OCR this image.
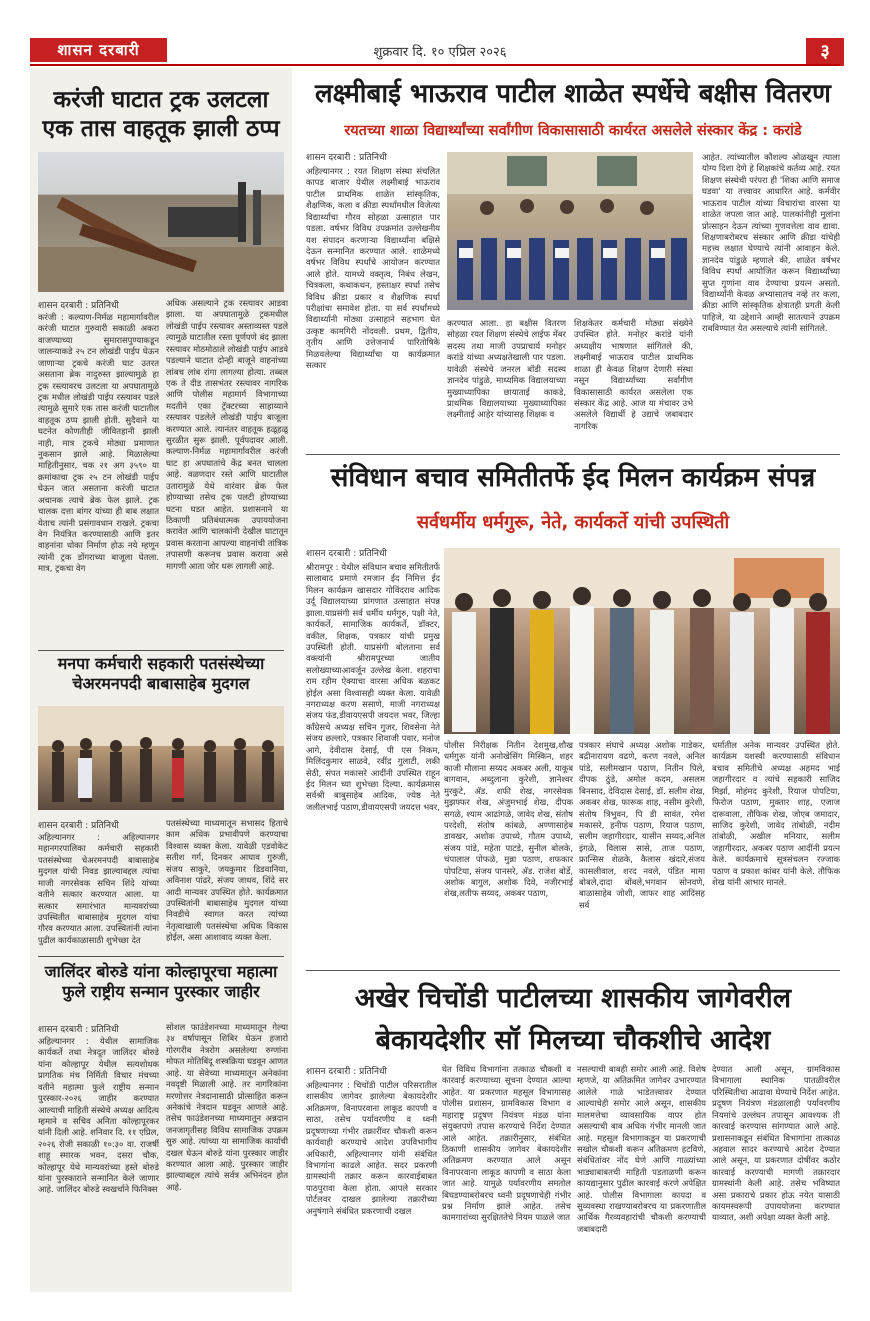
शासन दरबारी	शुक्रवार दि. १० एप्रिल २०२६	३
करंजी घाटात ट्रक उलटला
एक तास वाहतूक झाली ठप्प
शासन दरबारी : प्रतिनिधी
करंजी : कल्याण-निर्मळ महामार्गावरील करंजी घाटात गुरुवारी सकाळी अकरा वाजण्याच्या सुमारासपुण्याकडून जालन्याकडे २५ टन लोखंडी पाईप घेऊन जाणाऱ्या ट्रकचे करंजी घाट उतरत असताना ब्रेक नादुरुस्त झाल्यामुळे हा ट्रक रस्त्यावरच उलटला या अपघातामुळे ट्रक मधील लोखंडी पाईप रस्त्यावर पडले त्यामुळे सुमारे एक तास करंजी घाटातील वाहतूक ठप्प झाली होती. सुदैवाने या घटनेत कोणतीही जीवितहानी झाली नाही, मात्र ट्रकचे मोठ्या प्रमाणात नुकसान झाले आहे. मिळालेल्या माहितीनुसार, चक २१ अग ३५९० या क्रमांकाचा ट्रक २५ टन लोखंडी पाईप घेऊन जात असताना करंजी घाटात अचानक त्याचे ब्रेक फेल झाले. ट्रक चालक दत्ता बांगर यांच्या ही बाब लक्षात येताच त्यांनी प्रसंगावधान राखले. ट्रकचा वेग नियंत्रित करण्यासाठी आणि इतर वाहनांना धोका निर्माण होऊ नये म्हणून त्यांनी ट्रक डोंगराच्या बाजूला घेतला. मात्र, ट्रकचा वेग
अधिक असल्याने ट्रक रस्त्यावर आडवा झाला. या अपघातामुळे ट्रकमधील लोखंडी पाईप रस्त्यावर अस्ताव्यस्त पडले त्यामुळे घाटातील रस्ता पूर्णपणे बंद झाला रस्त्यावर मोठमोठाले लोखंडी पाईप आडवे पडल्याने घाटात दोन्ही बाजूने वाहनांच्या लांबच लांब रांगा लागल्या होत्या. तब्बल एक ते दीड तासभंतर रस्त्यावर नागरिक आणि पोलीस महामार्ग विभागाच्या मदतीने एका ट्रॅक्टरच्या साहाय्याने रस्त्यावर पडलेले लोखंडी पाईप बाजूला करण्यात आले. त्यानंतर वाहतूक हळूहळू सुरळीत सुरू झाली. पूर्वपदावर आली. कल्याण-निर्मळ महामार्गावरील करंजी घाट हा अपघातांचे केंद्र बनत चालला आहे. वळणदार रस्ते आणि घाटातील उतारामुळे येथे वारंवार ब्रेक फेल होण्याच्या तसेच ट्रक पलटी होण्याच्या घटना घडत आहेत. प्रशासनाने या ठिकाणी प्रतिबंधात्मक उपाययोजना करावेत आणि चालकांनी देखील घाटातून प्रवास करताना आपल्या वाहनांची तांत्रिक तपासणी करूनच प्रवास करावा असे मागणी आता जोर धरू लागली आहे.
मनपा कर्मचारी सहकारी पतसंस्थेच्या
चेअरमनपदी बाबासाहेब मुदगल
शासन दरबारी : प्रतिनिधी
अहिल्यानगर : अहिल्यानगर महानगरपालिका कर्मचारी सहकारी पतसंस्थेच्या चेअरमनपदी बाबासाहेब मुदगल यांची निवड झाल्याबद्दल त्यांचा माजी नगरसेवक सचिन शिंदे यांच्या वतीने सत्कार करण्यात आला. या सत्कार समारंभात मान्यवरांच्या उपस्थितीत बाबासाहेब मुदगल यांचा गौरव करण्यात आला. उपस्थितांनी त्यांना पुढील कार्यकाळासाठी शुभेच्छा देत
पतसंस्थेच्या माध्यमातून सभासद हिताचे काम अधिक प्रभावीपणे करण्याचा विश्वास व्यक्त केला. यावेळी एडवोकेट सतीश गर्ग, दिनकर आघाव गुरुजी, संजय साकुरे, जयकुमार डिडवानिया, अविनाश पांढरे, संजय जाधव, शिंदे सर आदी मान्यवर उपस्थित होते. कार्यक्रमात उपस्थितांनी बाबासाहेब मुदगल यांच्या निवडीचे स्वागत करत त्यांच्या नेतृत्वाखाली पतसंस्थेचा अधिक विकास होईल, असा आशावाद व्यक्त केला.
जालिंदर बोरुडे यांना कोल्हापूरचा महात्मा
फुले राष्ट्रीय सन्मान पुरस्कार जाहीर
शासन दरबारी : प्रतिनिधी
अहिल्यानगर : येथील सामाजिक कार्यकर्ते तथा नेत्रदूत जालिंदर बोरुडे यांना कोल्हापूर येथील सत्यशोधक प्रागतिक मंच निर्मिती विचार मंचच्या वतीने महात्मा फुले राष्ट्रीय सन्मान पुरस्कार-२०२६ जाहीर करण्यात आल्याची माहिती संस्थेचे अध्यक्ष आदित्य म्हमाने व सचिव अनिता कोल्हापूरकर यांनी दिली आहे. शनिवार दि. ११ एप्रिल, २०२६ रोजी सकाळी १०:३० वा. राजर्षी शाहू स्मारक भवन, दसरा चौक, कोल्हापूर येथे मान्यवरांच्या हस्ते बोरुडे यांना पुरस्काराने सन्मानित केले जाणार आहे. जालिंदर बोरुडे स्वखर्चाने फिनिक्स
सोशल फाउंडेशनच्या माध्यमातून गेल्या ३४ वर्षापासून शिबिर घेऊन हजारो गोरगरीब नेत्ररोग असलेल्या रुग्णांना मोफत मोतिबिंदू शस्त्रक्रिया घडवून आणत आहे. या सेवेच्या माध्यमातून अनेकांना नवदृष्टी मिळाली आहे. तर नागरिकांना मरणोत्तर नेत्रदानासाठी प्रोत्साहित करून अनेकांचे नेत्रदान घडवून आणले आहे. तसेच फाउंडेशनच्या माध्यमातून अन्नदान जनजागृतीसह विविध सामाजिक उपक्रम सुरु आहे. त्यांच्या या सामाजिक कार्याची दखल घेऊन बोरुडे यांना पुरस्कार जाहीर करण्यात आला आहे. पुरस्कार जाहीर झाल्याबद्दल त्यांचे सर्वत्र अभिनंदन होत आहे.
लक्ष्मीबाई भाऊराव पाटील शाळेत स्पर्धेचे बक्षीस वितरण
रयतच्या शाळा विद्यार्थ्यांच्या सर्वांगीण विकासासाठी कार्यरत असलेले संस्कार केंद्र : करांडे
शासन दरबारी : प्रतिनिधी
अहिल्यानगर : रयत शिक्षण संस्था संचलित कापड बाजार येथील लक्ष्मीबाई भाऊराव पाटील प्राथमिक शाळेत सांस्कृतिक, शैक्षणिक, कला व क्रीडा स्पर्धांमधील विजेत्या विद्यार्थ्यांचा गौरव सोहळा उत्साहात पार पडला. वर्षभर विविध उपक्रमांत उल्लेखनीय यश संपादन करणाऱ्या विद्यार्थ्यांना बक्षिसे देऊन सन्मानित करण्यात आले. शाळेमध्ये वर्षभर विविध स्पर्धांचे आयोजन करण्यात आले होते. यामध्ये वक्तृत्व, निबंध लेखन, चित्रकला, कथाकथन, हस्ताक्षर स्पर्धा तसेच विविध क्रीडा प्रकार व शैक्षणिक स्पर्धा परीक्षांचा समावेश होता. या सर्व स्पर्धांमध्ये विद्यार्थ्यांनी मोठ्या उत्साहाने सहभाग घेत उत्कृष्ट कामगिरी नोंदवली. प्रथम, द्वितीय, तृतीय आणि उत्तेजनार्थ पारितोषिके मिळवलेल्या विद्यार्थ्यांचा या कार्यक्रमात सत्कार
करण्यात आला. हा बक्षीस वितरण सोहळा रयत शिक्षण संस्थेचे लाईफ मेंबर सदस्य तथा माजी उपप्राचार्य मनोहर करांडे यांच्या अध्यक्षतेखाली पार पडला. यावेळी संस्थेचे जनरल बॉडी सदस्य ज्ञानदेव पांडुळे, माध्यमिक विद्यालयाच्या मुख्याध्यापिका छायाताई काकडे, प्राथमिक विद्यालयाच्या मुख्याध्यापिका लक्ष्मीताई आहेर यांच्यासह शिक्षक व
शिक्षकेतर कर्मचारी मोठ्या संख्येने उपस्थित होते. मनोहर करांडे यांनी अध्यक्षीय भाषणात सांगितले की, लक्ष्मीबाई भाऊराव पाटील प्राथमिक शाळा ही केवळ शिक्षण देणारी संस्था नसून विद्यार्थ्यांच्या सर्वांगीण विकासासाठी कार्यरत असलेला एक संस्कार केंद्र आहे. आज या मंचावर उभे असलेले विद्यार्थी हे उद्याचे जबाबदार नागरिक
आहेत. त्यांच्यातील कौशल्य ओळखून त्याला योग्य दिशा देणे हे शिक्षकांचे कर्तव्य आहे. रयत शिक्षण संस्थेची परंपरा ही 'शिका आणि समाज घडवा' या तत्त्वावर आधारित आहे. कर्मवीर भाऊराव पाटील यांच्या विचारांचा वारसा या शाळेत जपला जात आहे. पालकांनीही मुलांना प्रोत्साहन देऊन त्यांच्या गुणवत्तेला वाव द्यावा. शिक्षणाबरोबरच संस्कार आणि क्रीडा यांचेही महत्त्व लक्षात घेण्याचे त्यांनी आवाहन केले. ज्ञानदेव पांडुळे म्हणाले की, शाळेत वर्षभर विविध स्पर्धा आयोजित करून विद्यार्थ्यांच्या सुप्त गुणांना वाव देण्याचा प्रयत्न असतो. विद्यार्थ्यांनी केवळ अभ्यासातच नव्हे तर कला, क्रीडा आणि सांस्कृतिक क्षेत्रातही प्रगती केली पाहिजे, या उद्देशाने आम्ही सातत्याने उपक्रम राबविण्यात येत असल्याचे त्यांनी सांगितले.
संविधान बचाव समितीतर्फे ईद मिलन कार्यक्रम संपन्न
सर्वधर्मीय धर्मगुरू, नेते, कार्यकर्ते यांची उपस्थिती
शासन दरबारी : प्रतिनिधी
श्रीरामपूर : येथील संविधान बचाव समितीतर्फे सालाबाद प्रमाणे रमजान ईद निमित्त ईद मिलन कार्यक्रम खासदार गोविंदराव आदिक उर्दू विद्यालयाच्या प्रांगणात उत्साहात संपन्न झाला.याप्रसंगी सर्व धर्मीय धर्मगुरु, पक्षी नेते, कार्यकर्ते, सामाजिक कार्यकर्ते, डॉक्टर, वकील, शिक्षक, पत्रकार यांची प्रमुख उपस्थिती होती. याप्रसंगी बोलताना सर्व वक्त्यांनी श्रीरामपूरच्या जातीय सलोख्याच्याआवर्जून उल्लेख केला. शहराचा राम रहीम ऐक्याचा वारसा अधिक बळकट होईल असा विश्वासही व्यक्त केला. यावेळी नगराध्यक्ष करण ससाणे, माजी नगराध्यक्ष संजय फंड,डीवायएसपी जयदत्त भवर, जिल्हा काँग्रेसचे अध्यक्ष सचिन गुजर, शिवसेना नेते संजय छल्लारे, पत्रकार शिवाजी पवार, मनोज आगे, देवीदास देसाई, पी एस निकम, मिलिंदकुमार साळवे, रवींद्र गुलाटी, लकी सेठी, संपत मकासरे आदींनी उपस्थित राहून ईद मिलन च्या शुभेच्छा दिल्या. कार्यक्रमास सर्वश्री बाबुसाहेब आदिक, ज्येष्ठ नेते जलीलभाई पठाण,डीवायएसपी जयदत्त भवर,
पोलीस निरीक्षक नितीन देशमुख,शौख धर्मगुरू यांनी अनोखेसिंग मिस्किन, शहर काजी मौलाना सय्यद अकबर अली, याकूब बागवान, अब्दुलाना कुरेशी, ज्ञानेश्वर मुरकुटे, ॲड. शफी शेख, नगरसेवक मुझफ्फर शेख, अंजुमभाई शेख, दीपक सगळे, श्याम आढांगळे, जावेद शेख, संतोष परदेशी, संतोष कांबळे, अण्णासाहेब डावखर, अशोक उपाध्ये, गौतम उपाध्ये, संजय पांडे, महेता पाटडे, सुनील बोलके, चंपालाल पोफळे, मुन्ना पठाण, शफकार पोपटिया, संजय पानसरे, ॲड. राजेश बोर्डे, अशोक बागुल, अशोक दिवे, नजीरभाई शेख,लतीफ सय्यद, अकबर पठाण,
पत्रकार संघाचे अध्यक्ष अशोक गाडेकर, बद्रीनारायण वढणे, करण नवले, अनिल पांडे, सलीमखान पठाण, नितीन पिले, दीपक ठुंडे, अमोल कदम, असलम बिनसाद, देविदास देसाई, डॉ. सलीम शेख, अकबर शेख, फारूक शाह, नसीम कुरेशी, संतोष त्रिभुवन, पि डी सावंत, रमेश मकासरे, हनीफ पठाण, रियाज पठाण, सलीम जहागीरदार, यासीन सय्यद,अनिल इंगळे, विलास सासे, ताज पठाण, फ्रान्सिस शेळके, कैलास खंदारे,संजय कासलीवाल, शरद नवले, पंडित मामा बोबले,दादा बोंबले,भगवान सोनवणे, बाळासाहेब जोशी, जाफर शाह आदिंसह सर्व
धर्मातील अनेक मान्यवर उपस्थित होते. कार्यक्रम यशस्वी करण्यासाठी संविधान बचाव समितीचे अध्यक्ष अहमद भाई जहागीरदार व त्यांचे सहकारी साजिद मिर्झा, मोहंमद कुरेशी, रियाज पोपटिया, फिरोज पठाण, मुक्तार शाह, एजाज दारूवाला, तौफिक शेख, जोएब जमादार, साजिद कुरेशी, जावेद तांबोळी, नदीम तांबोळी, अखील मनियार, सलीम जहागीरदार, अकबर पठाण आदींनी प्रयत्न केले. कार्यक्रमाचे सूत्रसंचलन रज्जाक पठाण व प्रकाश कांबर यांनी केले. तौफिक शेख यांनी आभार मानले.
अखेर चिचोंडी पाटीलच्या शासकीय जागेवरील
बेकायदेशीर सॉ मिलच्या चौकशीचे आदेश
शासन दरबारी : प्रतिनिधी
अहिल्यानगर : चिचोंडी पाटील परिसरातील शासकीय जागेवर झालेल्या बेकायदेशीर अतिक्रमण, विनापरवाना लाकूड कापणी व साठा, तसेच पर्यावरणीय व ध्वनी प्रदूषणाच्या गंभीर तक्रारींवर चौकशी करून कार्यवाही करण्याचे आदेश उपविभागीय अधिकारी, अहिल्यानगर यांनी संबंधित विभागांना काढले आहेत. सदर प्रकरणी ग्रामस्थांनी तक्रार करून कारवाईबाबत पाठपुरावा केला होता. आपले सरकार पोर्टलवर दाखल झालेल्या तक्रारीच्या अनुषंगाने संबंधित प्रकरणाची दखल
घेत विविध विभागांना तत्काळ चौकशी व कारवाई करण्याच्या सूचना देण्यात आल्या आहेत. या प्रकरणात महसूल विभागासह पोलीस प्रशासन, ग्रामविकास विभाग व महाराष्ट्र प्रदूषण नियंत्रण मंडळ यांना संयुक्तपणे तपास करण्याचे निर्देश देण्यात आले आहेत. तक्रारीनुसार, संबंधित ठिकाणी शासकीय जागेवर बेकायदेशीर अतिक्रमण करण्यात आले असून विनापरवाना लाकूड कापणी व साठा केला जात आहे. यामुळे पर्यावरणीय समतोल बिघडण्याबरोबरच ध्वनी प्रदूषणाचेही गंभीर प्रश्न निर्माण झाले आहेत. तसेच कामगारांच्या सुरक्षिततेचे नियम पाळले जात
नसल्याची बाबही समोर आली आहे. विशेष म्हणजे, या अतिक्रमित जागेवर उभारण्यात आलेले गाळे भाडेतत्त्वावर देण्यात आल्याचेही समोर आले असून, शासकीय मालमत्तेचा व्यावसायिक वापर होत असल्याची बाब अधिक गंभीर मानली जात आहे. महसूल विभागाकडून या प्रकरणाची सखोल चौकशी करून अतिक्रमण हटविणे, संबंधितांवर नोंद घेणे आणि गाळ्यांच्या भाड्याबाबतची माहिती पडताळणी करून कायद्यानुसार पुढील कारवाई करणे अपेक्षित आहे. पोलीस विभागाला कायदा व सुव्यवस्था राखण्याबरोबरच या प्रकरणातील आर्थिक गैरव्यवहारांची चौकशी करण्याची जबाबदारी
देण्यात आली असून, ग्रामविकास विभागाला स्थानिक पातळीवरील परिस्थितीचा आढावा घेण्याचे निर्देश आहेत. प्रदूषण नियंत्रण मंडळालाही पर्यावरणीय नियमांचे उल्लंघन तपासून आवश्यक ती कारवाई करण्यास सांगण्यात आले आहे. प्रशासनाकडून संबंधित विभागांना तात्काळ अहवाल सादर करण्याचे आदेश देण्यात आले असून, या प्रकरणात दोषींवर कठोर कारवाई करण्याची मागणी तक्रारदार ग्रामस्थांनी केली आहे. तसेच भविष्यात असा प्रकाराचे प्रकार होऊ नयेत यासाठी कायमस्वरूपी उपाययोजना करण्यात याव्यात, अशी अपेक्षा व्यक्त केली आहे.
